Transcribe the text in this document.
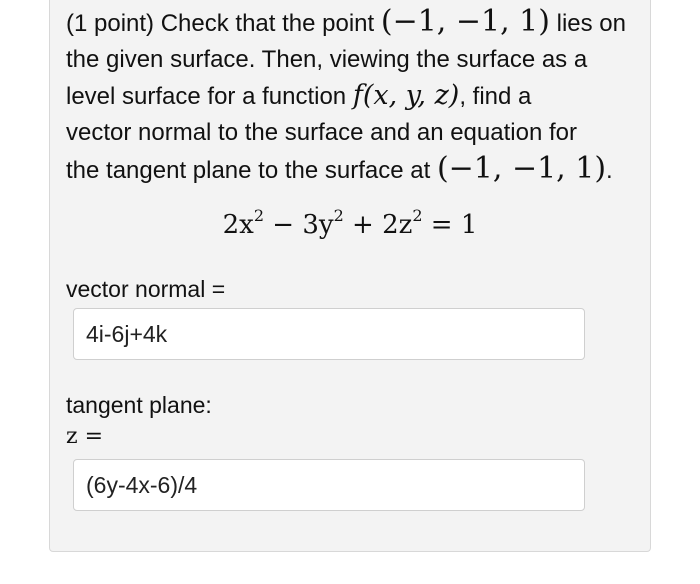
(1 point) Check that the point (−1, −1, 1) lies on
the given surface. Then, viewing the surface as a
level surface for a function f(x, y, z), find a
vector normal to the surface and an equation for
the tangent plane to the surface at (−1, −1, 1).
$2x^2 - 3y^2 + 2z^2 = 1$
vector normal =
4i-6j+4k
tangent plane:
z =
(6y-4x-6)/4
